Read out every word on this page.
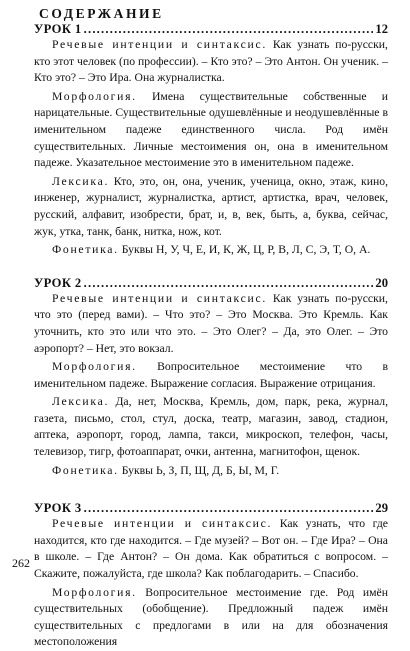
СОДЕРЖАНИЕ
УРОК 1 .....	12

Речевые интенции и синтаксис. Как узнать по-русски, кто этот человек (по профессии). – Кто это? – Это Антон. Он ученик. – Кто это? – Это Ира. Она журналистка.

Морфология. Имена существительные собственные и нарицательные. Существительные одушевлённые и неодушевлённые в именительном падеже единственного числа. Род имён существительных. Личные местоимения он, она в именительном падеже. Указательное местоимение это в именительном падеже.

Лексика. Кто, это, он, она, ученик, ученица, окно, этаж, кино, инженер, журналист, журналистка, артист, артистка, врач, человек, русский, алфавит, изобрести, брат, и, в, век, быть, а, буква, сейчас, жук, утка, танк, банк, нитка, нож, кот.

Фонетика. Буквы Н, У, Ч, Е, И, К, Ж, Ц, Р, В, Л, С, Э, Т, О, А.

УРОК 2 .....	20

Речевые интенции и синтаксис. Как узнать по-русски, что это (перед вами). – Что это? – Это Москва. Это Кремль. Как уточнить, кто это или что это. – Это Олег? – Да, это Олег. – Это аэропорт? – Нет, это вокзал.

Морфология. Вопросительное местоимение что в именительном падеже. Выражение согласия. Выражение отрицания.

Лексика. Да, нет, Москва, Кремль, дом, парк, река, журнал, газета, письмо, стол, стул, доска, театр, магазин, завод, стадион, аптека, аэропорт, город, лампа, такси, микроскоп, телефон, часы, телевизор, тигр, фотоаппарат, очки, антенна, магнитофон, щенок.

Фонетика. Буквы Ь, З, П, Щ, Д, Б, Ы, М, Г.

УРОК 3 .....	29

Речевые интенции и синтаксис. Как узнать, что где находится, кто где находится. – Где музей? – Вот он. – Где Ира? – Она в школе. – Где Антон? – Он дома. Как обратиться с вопросом. – Скажите, пожалуйста, где школа? Как поблагодарить. – Спасибо.

Морфология. Вопросительное местоимение где. Род имён существительных (обобщение). Предложный падеж имён существительных с предлогами в или на для обозначения местоположения

262
